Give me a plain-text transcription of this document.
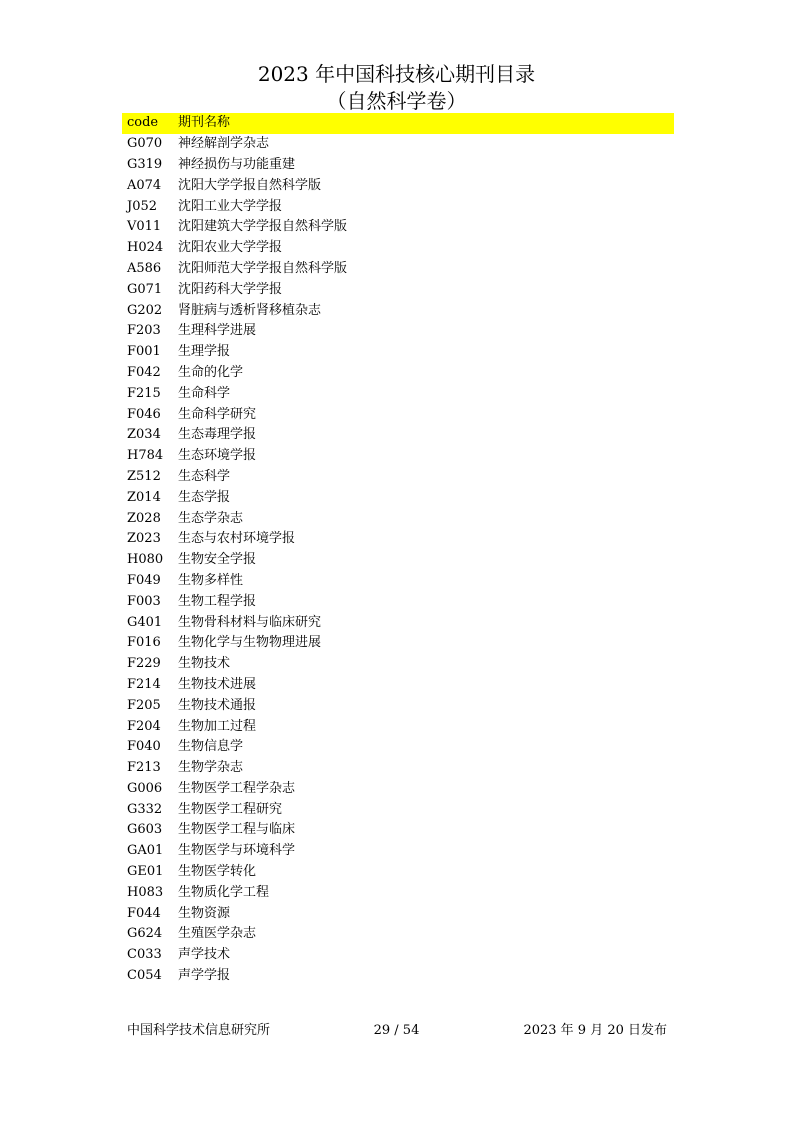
2023 年中国科技核心期刊目录
（自然科学卷）
code	期刊名称
G070	神经解剖学杂志
G319	神经损伤与功能重建
A074	沈阳大学学报自然科学版
J052	沈阳工业大学学报
V011	沈阳建筑大学学报自然科学版
H024	沈阳农业大学学报
A586	沈阳师范大学学报自然科学版
G071	沈阳药科大学学报
G202	肾脏病与透析肾移植杂志
F203	生理科学进展
F001	生理学报
F042	生命的化学
F215	生命科学
F046	生命科学研究
Z034	生态毒理学报
H784	生态环境学报
Z512	生态科学
Z014	生态学报
Z028	生态学杂志
Z023	生态与农村环境学报
H080	生物安全学报
F049	生物多样性
F003	生物工程学报
G401	生物骨科材料与临床研究
F016	生物化学与生物物理进展
F229	生物技术
F214	生物技术进展
F205	生物技术通报
F204	生物加工过程
F040	生物信息学
F213	生物学杂志
G006	生物医学工程学杂志
G332	生物医学工程研究
G603	生物医学工程与临床
GA01	生物医学与环境科学
GE01	生物医学转化
H083	生物质化学工程
F044	生物资源
G624	生殖医学杂志
C033	声学技术
C054	声学学报
中国科学技术信息研究所	29 / 54	2023 年 9 月 20 日发布
